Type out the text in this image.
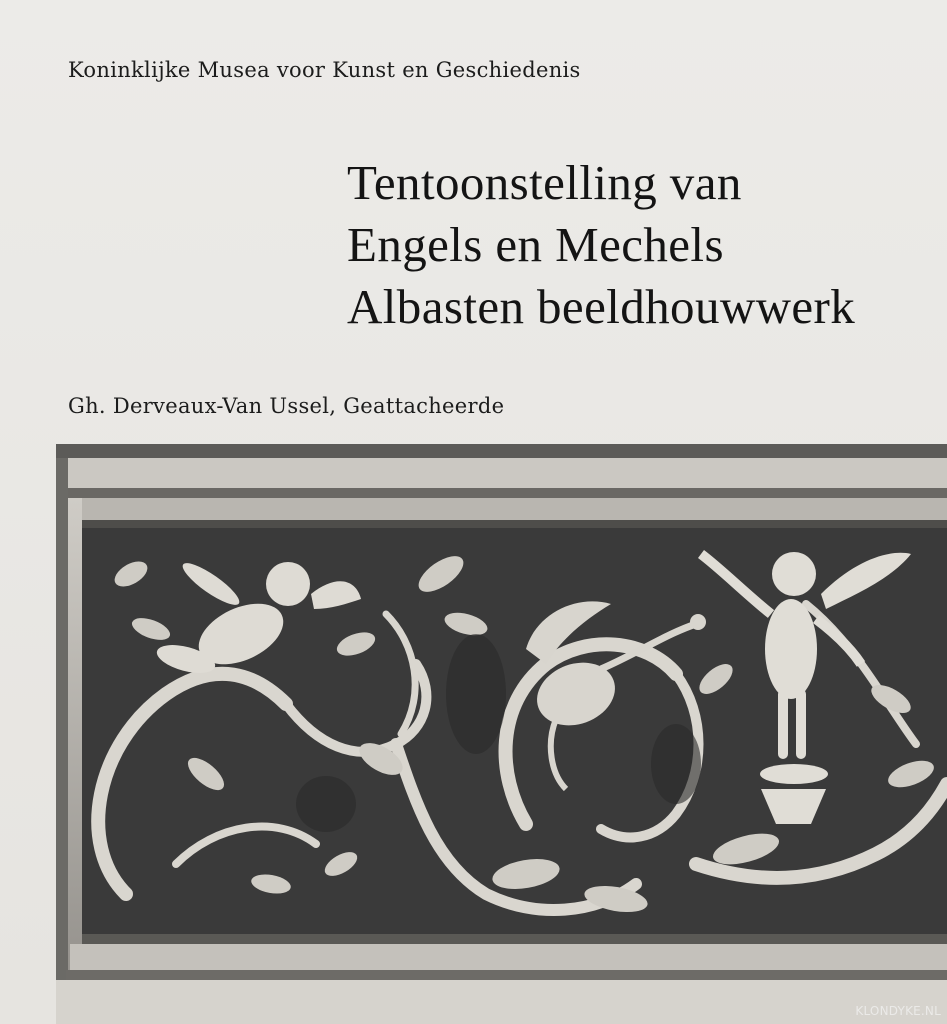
Koninklijke Musea voor Kunst en Geschiedenis
Tentoonstelling van
Engels en Mechels
Albasten beeldhouwwerk
Gh. Derveaux-Van Ussel, Geattacheerde
KLONDYKE.NL
